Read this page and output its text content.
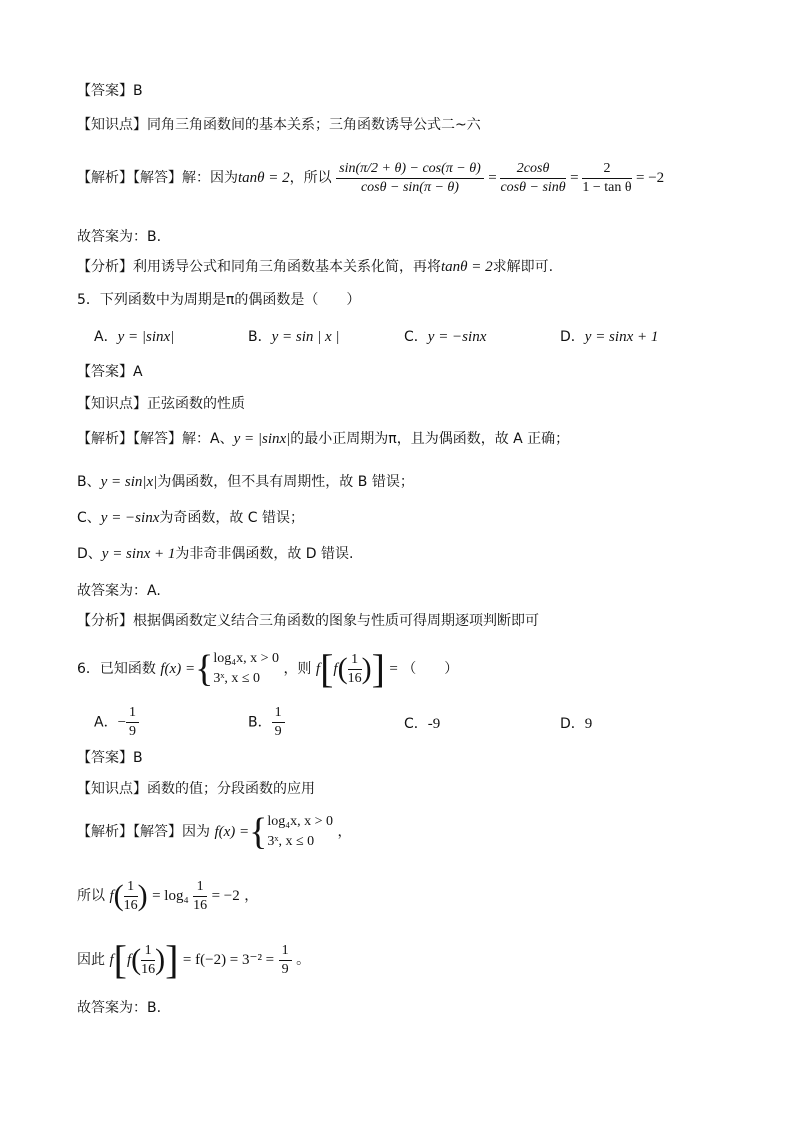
【答案】B
【知识点】同角三角函数间的基本关系；三角函数诱导公式二~六
【解析】【解答】解：因为tanθ = 2，所以 $\frac{\sin(\pi/2 + \theta) - \cos(\pi - \theta)}{\cos\theta - \sin(\pi - \theta)} = \frac{2\cos\theta}{\cos\theta - \sin\theta} = \frac{2}{\text{1 − tan θ}} = -2$
故答案为：B.
【分析】利用诱导公式和同角三角函数基本关系化简，再将tanθ = 2求解即可.
5．下列函数中为周期是π的偶函数是（　　）
A．y = |sinx|	B．y = sin | x |	C．y = −sinx	D．y = sinx + 1
【答案】A
【知识点】正弦函数的性质
【解析】【解答】解：A、y = |sinx|的最小正周期为π，且为偶函数，故 A 正确；
B、y = sin|x|为偶函数，但不具有周期性，故 B 错误；
C、y = −sinx为奇函数，故 C 错误；
D、y = sinx + 1为非奇非偶函数，故 D 错误.
故答案为：A.
【分析】根据偶函数定义结合三角函数的图象与性质可得周期逐项判断即可
6．已知函数 f(x) ={ log₄x, x > 0
3ˣ, x ≤ 0
，则 $f[f( \frac{1}{16}$ )] = （　　）
A．− $\frac{1}{9}$	B． $\frac{1}{9}$	C．-9	D．9
【答案】B
【知识点】函数的值；分段函数的应用
【解析】【解答】因为 f(x) ={ log₄x, x > 0
3ˣ, x ≤ 0
，
所以 $f( \frac{1}{16}$ ) = $\log_4 \frac{1}{16} = -2$ ，
因此 $f[f( \frac{1}{16}$ )] = $f(-2) = 3^{-2} = \frac{1}{9}$ 。
故答案为：B.
